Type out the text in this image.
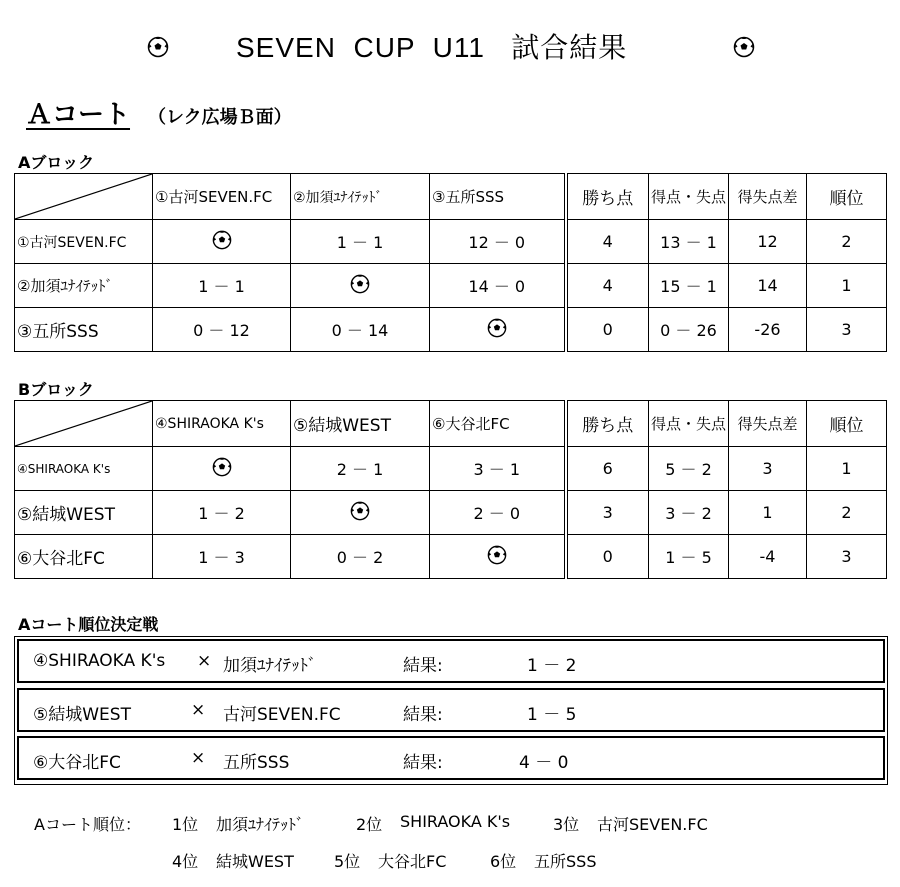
SEVEN  CUP  U11   試合結果
Ａコート （レク広場Ｂ面）
Aブロック
	①古河SEVEN.FC	②加須ﾕﾅｲﾃｯﾄﾞ	③五所SSS	勝ち点	得点・失点	得失点差	順位
①古河SEVEN.FC		1 － 1	12 － 0	4	13 － 1	12	2
②加須ﾕﾅｲﾃｯﾄﾞ	1 － 1		14 － 0	4	15 － 1	14	1
③五所SSS	0 － 12	0 － 14		0	0 － 26	-26	3
Bブロック
	④SHIRAOKA K's	⑤結城WEST	⑥大谷北FC	勝ち点	得点・失点	得失点差	順位
④SHIRAOKA K's		2 － 1	3 － 1	6	5 － 2	3	1
⑤結城WEST	1 － 2		2 － 0	3	3 － 2	1	2
⑥大谷北FC	1 － 3	0 － 2		0	1 － 5	-4	3
Aコート順位決定戦
④SHIRAOKA K's × 加須ﾕﾅｲﾃｯﾄﾞ	結果:	1 － 2
⑤結城WEST	× 古河SEVEN.FC	結果:	1 － 5
⑥大谷北FC	× 五所SSS	結果:	4 － 0
Aコート順位： 1位 加須ﾕﾅｲﾃｯﾄﾞ	2位 SHIRAOKA K's	3位 古河SEVEN.FC
4位 結城WEST	5位 大谷北FC	6位 五所SSS
